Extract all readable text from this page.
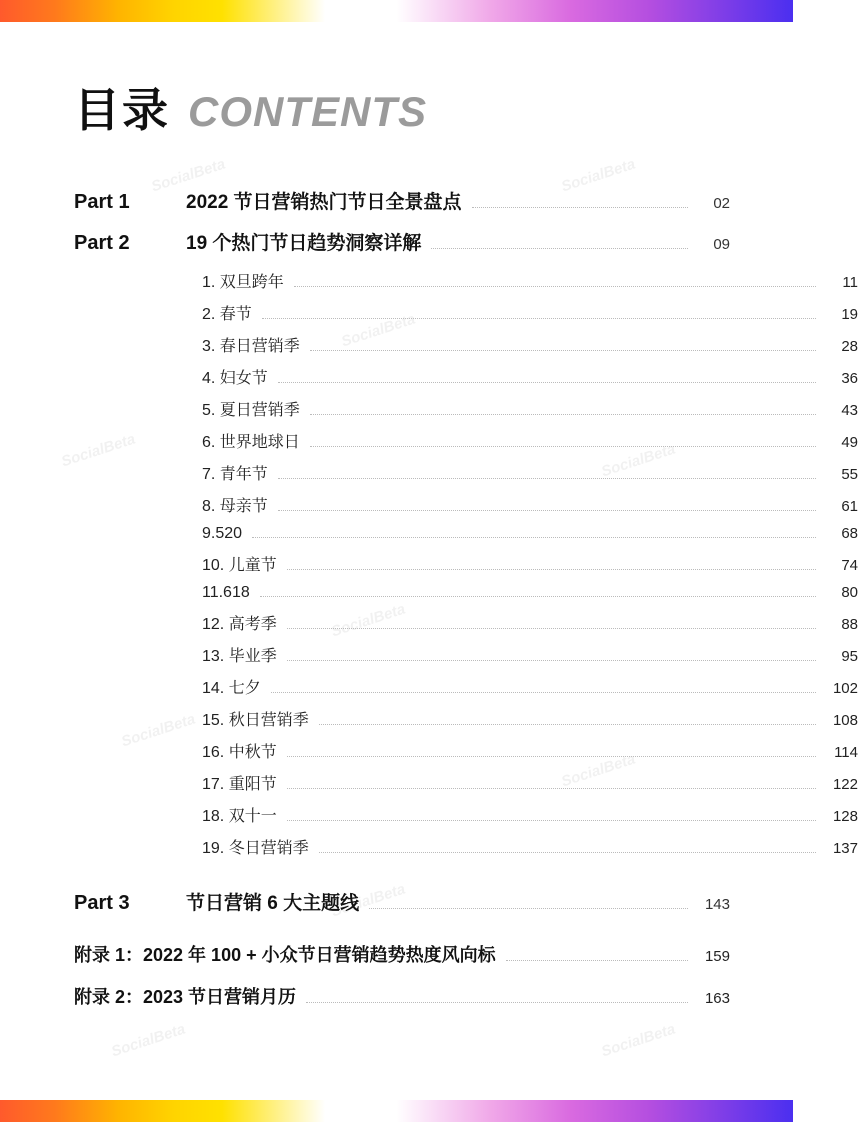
SocialBeta	SocialBeta
SocialBeta
SocialBeta	SocialBeta
SocialBeta
SocialBeta
SocialBeta
SocialBeta
SocialBeta	SocialBeta
目录 CONTENTS
Part 1	2022 节日营销热门节日全景盘点	02
Part 2	19 个热门节日趋势洞察详解	09
1. 双旦跨年	11
2. 春节	19
3. 春日营销季	28
4. 妇女节	36
5. 夏日营销季	43
6. 世界地球日	49
7. 青年节	55
8. 母亲节	61
9.520	68
10. 儿童节	74
11.618	80
12. 高考季	88
13. 毕业季	95
14. 七夕	102
15. 秋日营销季	108
16. 中秋节	114
17. 重阳节	122
18. 双十一	128
19. 冬日营销季	137
Part 3	节日营销 6 大主题线	143
附录 1：2022 年 100 + 小众节日营销趋势热度风向标	159
附录 2：2023 节日营销月历	163
